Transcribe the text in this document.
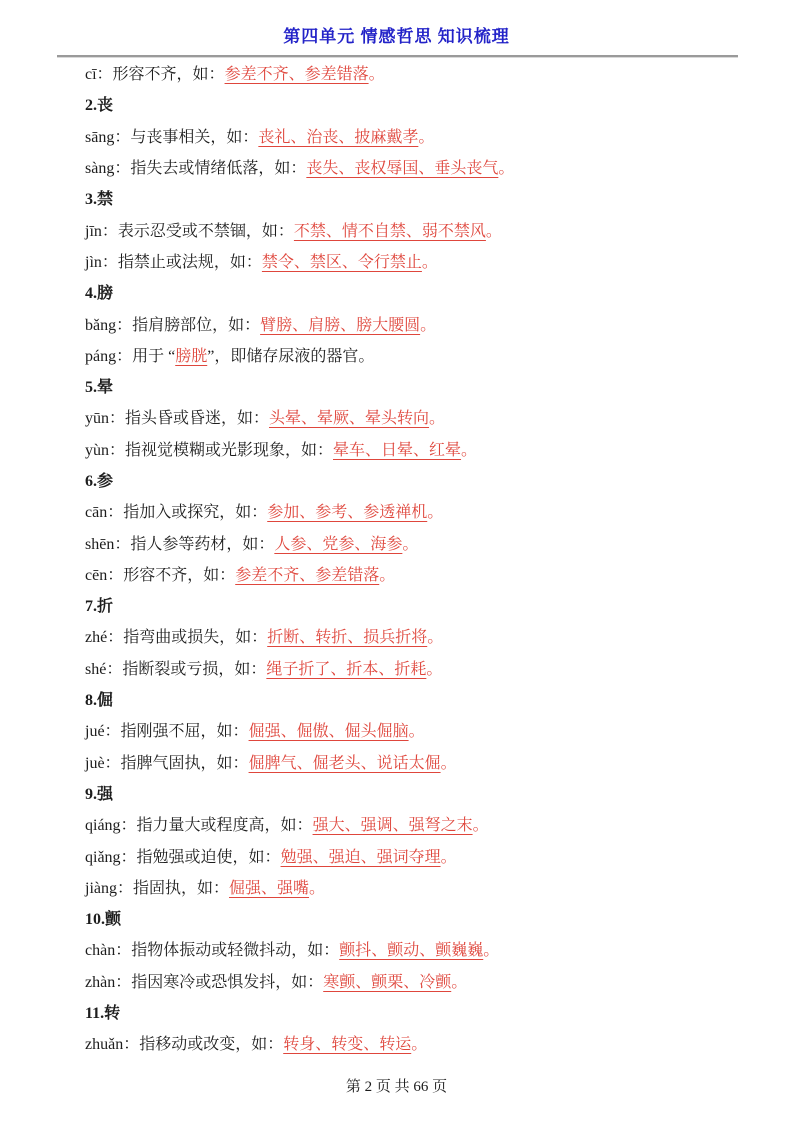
第四单元 情感哲思 知识梳理
cī：形容不齐，如： 参差不齐、参差错落 。
2.丧
sāng：与丧事相关，如： 丧礼、治丧、披麻戴孝 。
sàng：指失去或情绪低落，如： 丧失、丧权辱国、垂头丧气 。
3.禁
jīn：表示忍受或不禁锢，如： 不禁、情不自禁、弱不禁风 。
jìn：指禁止或法规，如： 禁令、禁区、令行禁止 。
4.膀
bǎng：指肩膀部位，如： 臂膀、肩膀、膀大腰圆 。
páng：用于 “ 膀胱 ”，即储存尿液的器官。
5.晕
yūn：指头昏或昏迷，如： 头晕、晕厥、晕头转向 。
yùn：指视觉模糊或光影现象，如： 晕车、日晕、红晕 。
6.参
cān：指加入或探究，如： 参加、参考、参透禅机 。
shēn：指人参等药材，如： 人参、党参、海参 。
cēn：形容不齐，如： 参差不齐、参差错落 。
7.折
zhé：指弯曲或损失，如： 折断、转折、损兵折将 。
shé：指断裂或亏损，如： 绳子折了、折本、折耗 。
8.倔
jué：指刚强不屈，如： 倔强、倔傲、倔头倔脑 。
juè：指脾气固执，如： 倔脾气、倔老头、说话太倔 。
9.强
qiáng：指力量大或程度高，如： 强大、强调、强弩之末 。
qiǎng：指勉强或迫使，如： 勉强、强迫、强词夺理 。
jiàng：指固执，如： 倔强、强嘴 。
10.颤
chàn：指物体振动或轻微抖动，如： 颤抖、颤动、颤巍巍 。
zhàn：指因寒冷或恐惧发抖，如： 寒颤、颤栗、冷颤 。
11.转
zhuǎn：指移动或改变，如： 转身、转变、转运 。
第 2 页 共 66 页
